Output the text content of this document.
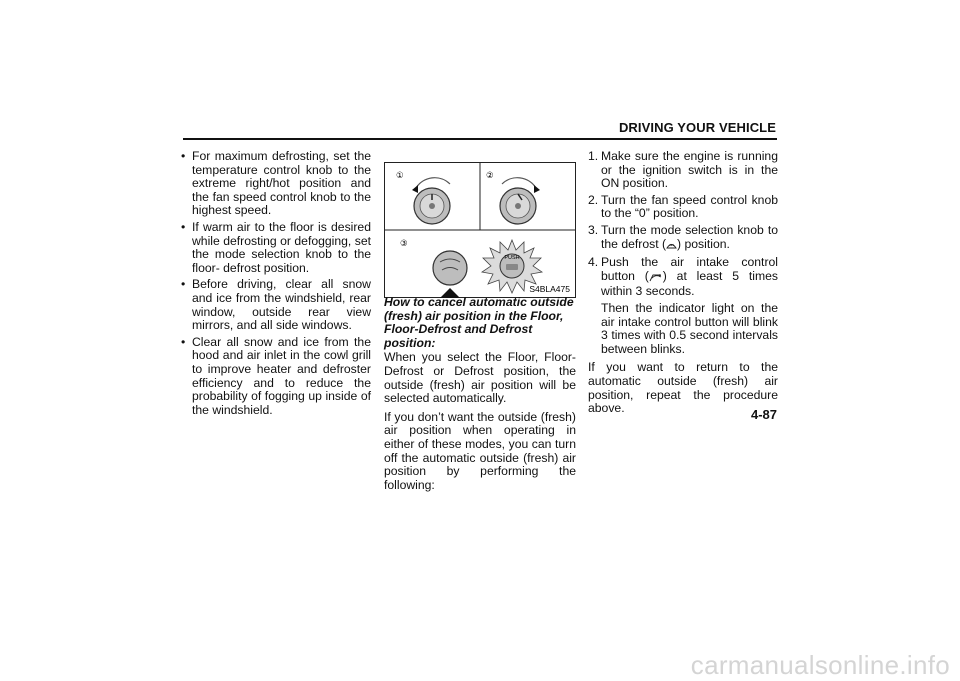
DRIVING YOUR VEHICLE

• For maximum defrosting, set the temperature control knob to the extreme right/hot position and the fan speed control knob to the highest speed.

• If warm air to the floor is desired while defrosting or defogging, set the mode selection knob to the floor- defrost position.

• Before driving, clear all snow and ice from the windshield, rear window, outside rear view mirrors, and all side windows.

• Clear all snow and ice from the hood and air inlet in the cowl grill to improve heater and defroster efficiency and to reduce the probability of fogging up inside of the windshield.

PUSH
①	②
③
S4BLA475

How to cancel automatic outside (fresh) air position in the Floor, Floor-Defrost and Defrost position:

When you select the Floor, Floor-Defrost or Defrost position, the outside (fresh) air position will be selected automatically.

If you don’t want the outside (fresh) air position when operating in either of these modes, you can turn off the automatic outside (fresh) air position by performing the following:

1. Make sure the engine is running or the ignition switch is in the ON position.

2. Turn the fan speed control knob to the “0” position.

3. Turn the mode selection knob to the defrost ( ) position.

4. Push the air intake control button ( ) at least 5 times within 3 seconds.

Then the indicator light on the air intake control button will blink 3 times with 0.5 second intervals between blinks.

If you want to return to the automatic outside (fresh) air position, repeat the procedure above.	4-87
carmanualsonline.info
